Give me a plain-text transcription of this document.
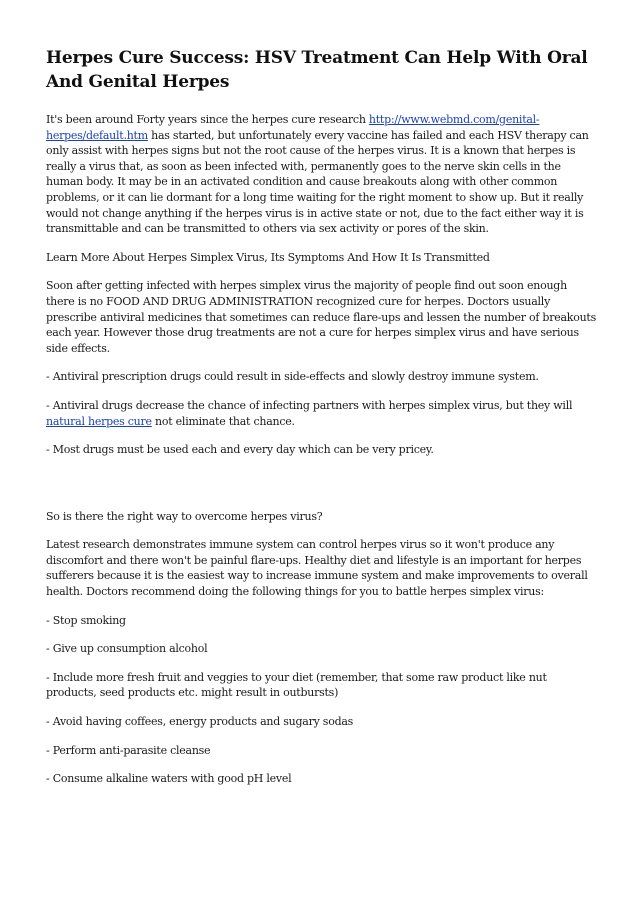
Herpes Cure Success: HSV Treatment Can Help With Oral And Genital Herpes

It's been around Forty years since the herpes cure research http://www.webmd.com/genital-herpes/default.htm has started, but unfortunately every vaccine has failed and each HSV therapy can only assist with herpes signs but not the root cause of the herpes virus. It is a known that herpes is really a virus that, as soon as been infected with, permanently goes to the nerve skin cells in the human body. It may be in an activated condition and cause breakouts along with other common problems, or it can lie dormant for a long time waiting for the right moment to show up. But it really would not change anything if the herpes virus is in active state or not, due to the fact either way it is transmittable and can be transmitted to others via sex activity or pores of the skin.

Learn More About Herpes Simplex Virus, Its Symptoms And How It Is Transmitted

Soon after getting infected with herpes simplex virus the majority of people find out soon enough there is no FOOD AND DRUG ADMINISTRATION recognized cure for herpes. Doctors usually prescribe antiviral medicines that sometimes can reduce flare-ups and lessen the number of breakouts each year. However those drug treatments are not a cure for herpes simplex virus and have serious side effects.

- Antiviral prescription drugs could result in side-effects and slowly destroy immune system.

- Antiviral drugs decrease the chance of infecting partners with herpes simplex virus, but they will natural herpes cure not eliminate that chance.

- Most drugs must be used each and every day which can be very pricey.

So is there the right way to overcome herpes virus?

Latest research demonstrates immune system can control herpes virus so it won't produce any discomfort and there won't be painful flare-ups. Healthy diet and lifestyle is an important for herpes sufferers because it is the easiest way to increase immune system and make improvements to overall health. Doctors recommend doing the following things for you to battle herpes simplex virus:

- Stop smoking

- Give up consumption alcohol

- Include more fresh fruit and veggies to your diet (remember, that some raw product like nut products, seed products etc. might result in outbursts)

- Avoid having coffees, energy products and sugary sodas

- Perform anti-parasite cleanse

- Consume alkaline waters with good pH level
